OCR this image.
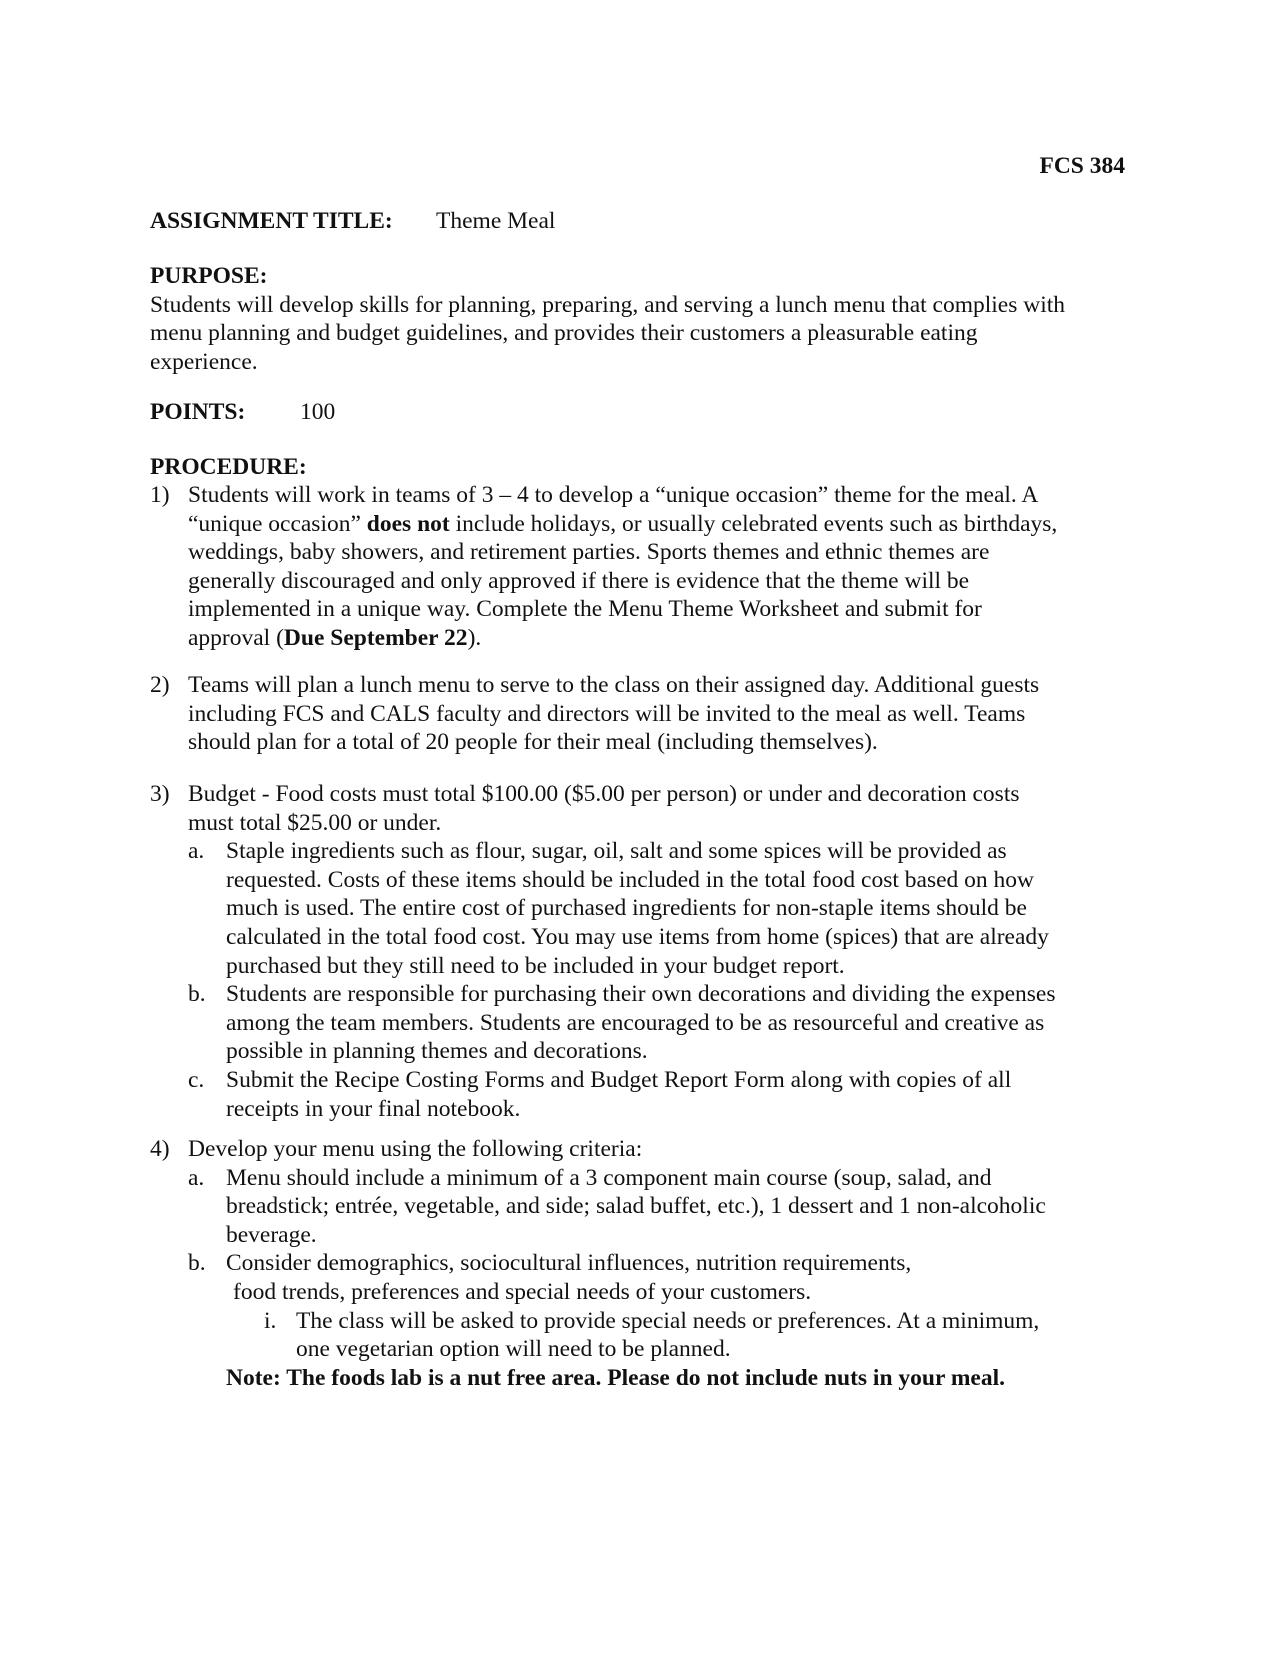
FCS 384
ASSIGNMENT TITLE: Theme Meal
PURPOSE:
Students will develop skills for planning, preparing, and serving a lunch menu that complies with
menu planning and budget guidelines, and provides their customers a pleasurable eating
experience.
POINTS: 100
PROCEDURE:
1) Students will work in teams of 3 – 4 to develop a “unique occasion” theme for the meal. A
“unique occasion” does not include holidays, or usually celebrated events such as birthdays,
weddings, baby showers, and retirement parties. Sports themes and ethnic themes are
generally discouraged and only approved if there is evidence that the theme will be
implemented in a unique way. Complete the Menu Theme Worksheet and submit for
approval (Due September 22).
2) Teams will plan a lunch menu to serve to the class on their assigned day. Additional guests
including FCS and CALS faculty and directors will be invited to the meal as well. Teams
should plan for a total of 20 people for their meal (including themselves).
3) Budget - Food costs must total $100.00 ($5.00 per person) or under and decoration costs
must total $25.00 or under.
a. Staple ingredients such as flour, sugar, oil, salt and some spices will be provided as
requested. Costs of these items should be included in the total food cost based on how
much is used. The entire cost of purchased ingredients for non-staple items should be
calculated in the total food cost. You may use items from home (spices) that are already
purchased but they still need to be included in your budget report.
b. Students are responsible for purchasing their own decorations and dividing the expenses
among the team members. Students are encouraged to be as resourceful and creative as
possible in planning themes and decorations.
c. Submit the Recipe Costing Forms and Budget Report Form along with copies of all
receipts in your final notebook.
4) Develop your menu using the following criteria:
a. Menu should include a minimum of a 3 component main course (soup, salad, and
breadstick; entrée, vegetable, and side; salad buffet, etc.), 1 dessert and 1 non-alcoholic
beverage.
b. Consider demographics, sociocultural influences, nutrition requirements,
food trends, preferences and special needs of your customers.
i. The class will be asked to provide special needs or preferences. At a minimum,
one vegetarian option will need to be planned.
Note: The foods lab is a nut free area. Please do not include nuts in your meal.
